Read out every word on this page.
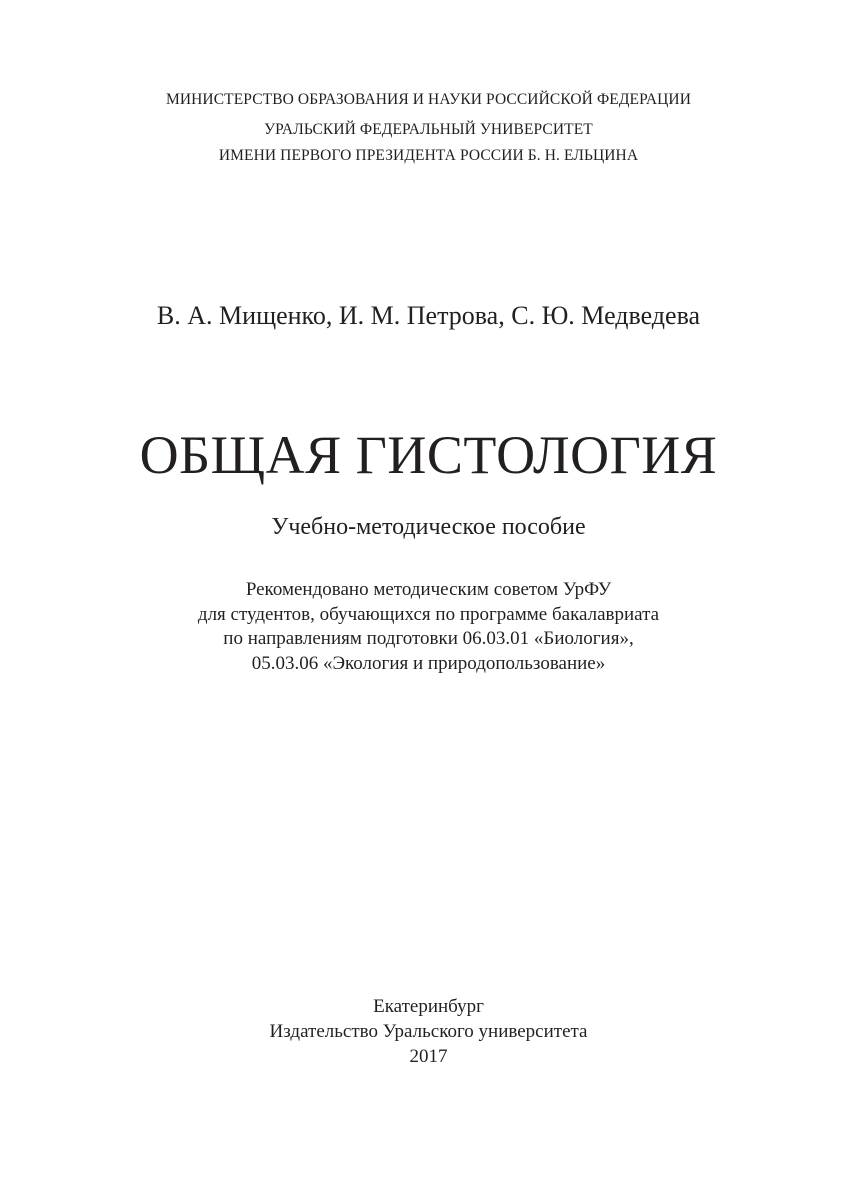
МИНИСТЕРСТВО ОБРАЗОВАНИЯ И НАУКИ РОССИЙСКОЙ ФЕДЕРАЦИИ
УРАЛЬСКИЙ ФЕДЕРАЛЬНЫЙ УНИВЕРСИТЕТ
ИМЕНИ ПЕРВОГО ПРЕЗИДЕНТА РОССИИ Б. Н. ЕЛЬЦИНА
В. А. Мищенко, И. М. Петрова, С. Ю. Медведева
ОБЩАЯ ГИСТОЛОГИЯ
Учебно-методическое пособие
Рекомендовано методическим советом УрФУ
для студентов, обучающихся по программе бакалавриата
по направлениям подготовки 06.03.01 «Биология»,
05.03.06 «Экология и природопользование»
Екатеринбург
Издательство Уральского университета
2017
